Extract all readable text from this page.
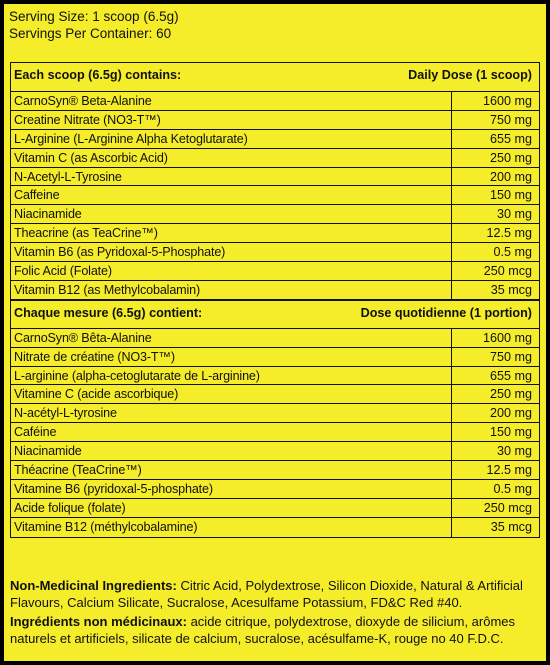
Serving Size: 1 scoop (6.5g)
Servings Per Container: 60
Each scoop (6.5g) contains:	Daily Dose (1 scoop)
CarnoSyn® Beta-Alanine	1600 mg
Creatine Nitrate (NO3-T™)	750 mg
L-Arginine (L-Arginine Alpha Ketoglutarate)	655 mg
Vitamin C (as Ascorbic Acid)	250 mg
N-Acetyl-L-Tyrosine	200 mg
Caffeine	150 mg
Niacinamide	30 mg
Theacrine (as TeaCrine™)	12.5 mg
Vitamin B6 (as Pyridoxal-5-Phosphate)	0.5 mg
Folic Acid (Folate)	250 mcg
Vitamin B12 (as Methylcobalamin)	35 mcg
Chaque mesure (6.5g) contient:	Dose quotidienne (1 portion)
CarnoSyn® Bêta-Alanine	1600 mg
Nitrate de créatine (NO3-T™)	750 mg
L-arginine (alpha-cetoglutarate de L-arginine)	655 mg
Vitamine C (acide ascorbique)	250 mg
N-acétyl-L-tyrosine	200 mg
Caféine	150 mg
Niacinamide	30 mg
Théacrine (TeaCrine™)	12.5 mg
Vitamine B6 (pyridoxal-5-phosphate)	0.5 mg
Acide folique (folate)	250 mcg
Vitamine B12 (méthylcobalamine)	35 mcg

Non-Medicinal Ingredients: Citric Acid, Polydextrose, Silicon Dioxide, Natural & Artificial Flavours, Calcium Silicate, Sucralose, Acesulfame Potassium, FD&C Red #40.

Ingrédients non médicinaux: acide citrique, polydextrose, dioxyde de silicium, arômes naturels et artificiels, silicate de calcium, sucralose, acésulfame-K, rouge no 40 F.D.C.
